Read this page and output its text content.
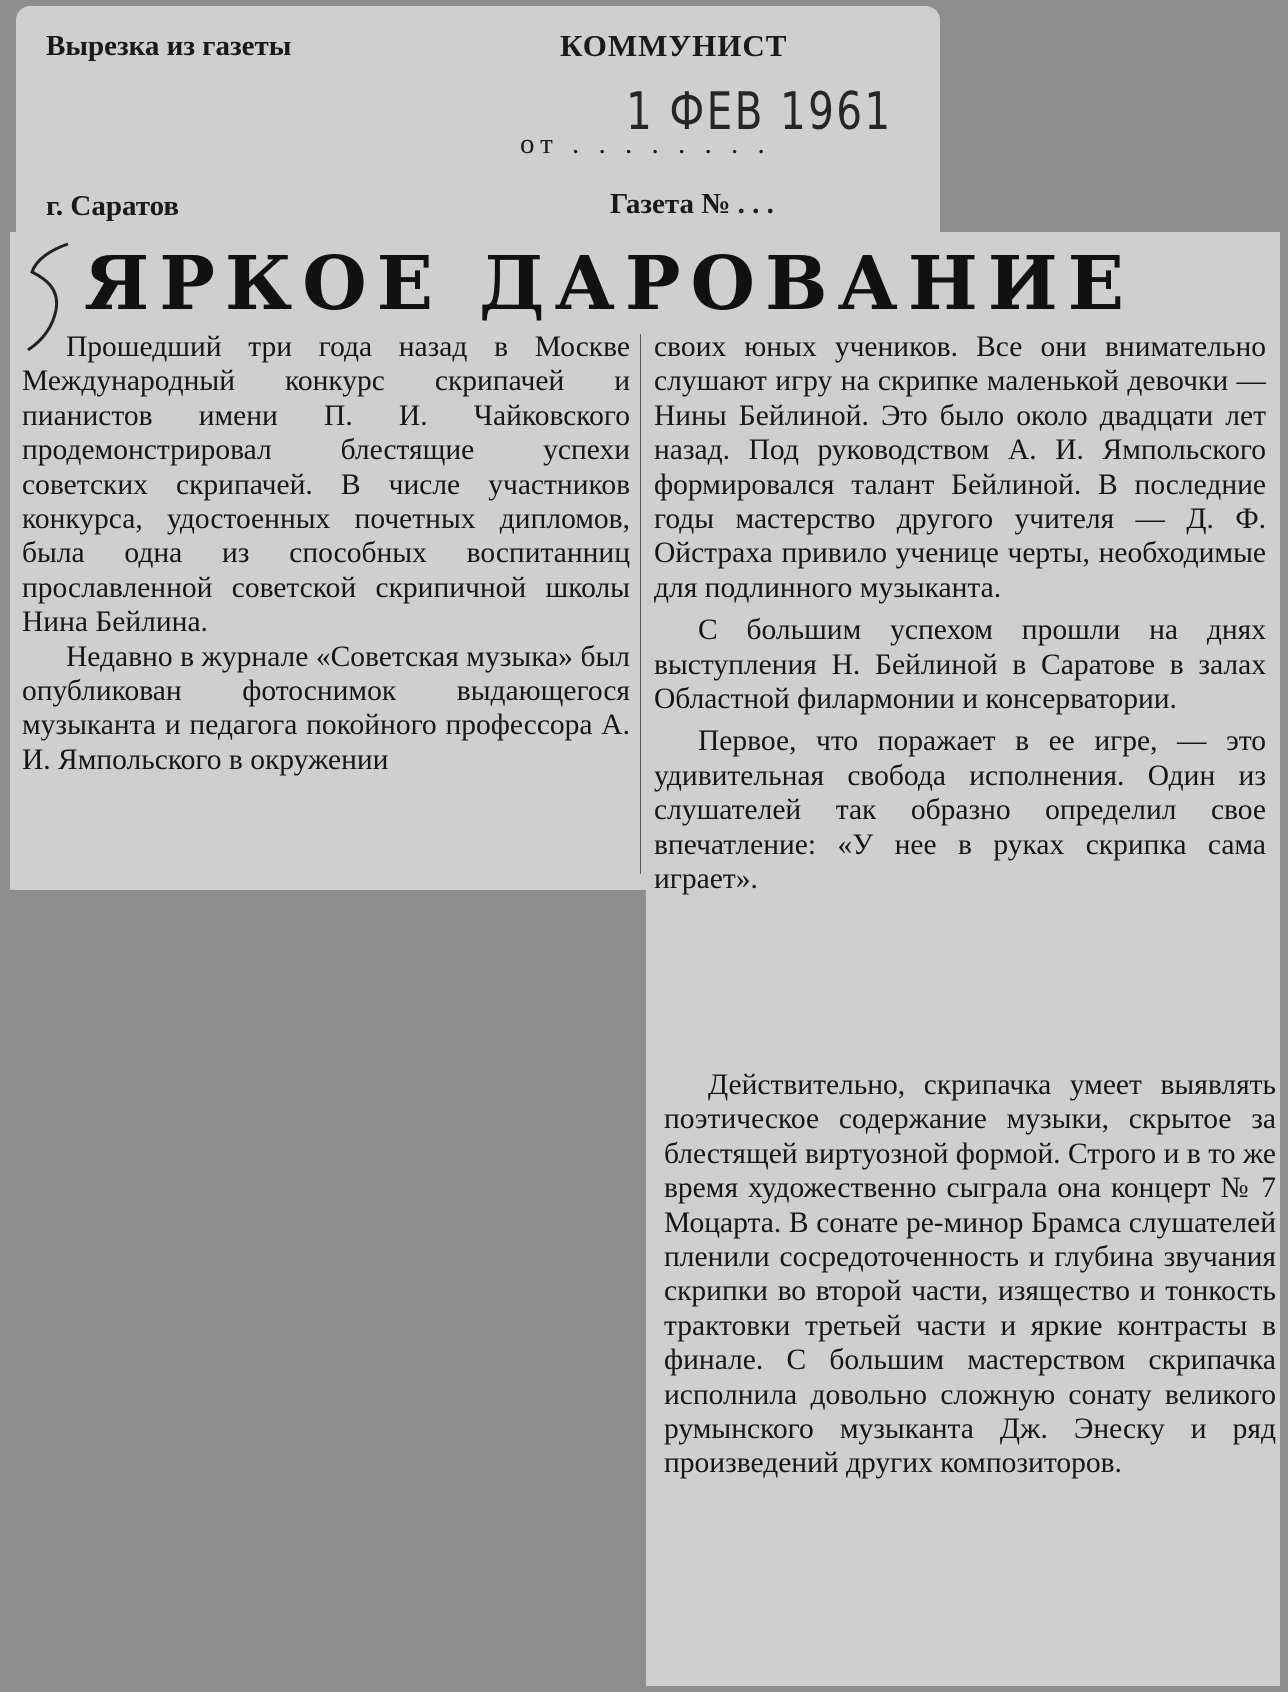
Вырезка из газеты	КОММУНИСТ
1 ФЕВ 1961
от . . . . . . . .
г. Саратов	Газета № . . .
ЯРКОЕ ДАРОВАНИЕ

Прошедший три года назад в Москве Международный конкурс скрипачей и пианистов имени П. И. Чайковского продемонстрировал блестящие успехи советских скрипачей. В числе участников конкурса, удостоенных почетных дипломов, была одна из способных воспитанниц прославленной советской скрипичной школы Нина Бейлина.

Недавно в журнале «Советская музыка» был опубликован фотоснимок выдающегося музыканта и педагога покойного профессора А. И. Ямпольского в окружении

своих юных учеников. Все они внимательно слушают игру на скрипке маленькой девочки — Нины Бейлиной. Это было около двадцати лет назад. Под руководством А. И. Ямпольского формировался талант Бейлиной. В последние годы мастерство другого учителя — Д. Ф. Ойстраха привило ученице черты, необходимые для подлинного музыканта.

С большим успехом прошли на днях выступления Н. Бейлиной в Саратове в залах Областной филармонии и консерватории.

Первое, что поражает в ее игре, — это удивительная свобода исполнения. Один из слушателей так образно определил свое впечатление: «У нее в руках скрипка сама играет».

Действительно, скрипачка умеет выявлять поэтическое содержание музыки, скрытое за блестящей виртуозной формой. Строго и в то же время художественно сыграла она концерт № 7 Моцарта. В сонате ре-минор Брамса слушателей пленили сосредоточенность и глубина звучания скрипки во второй части, изящество и тонкость трактовки третьей части и яркие контрасты в финале. С большим мастерством скрипачка исполнила довольно сложную сонату великого румынского музыканта Дж. Энеску и ряд произведений других композиторов.
